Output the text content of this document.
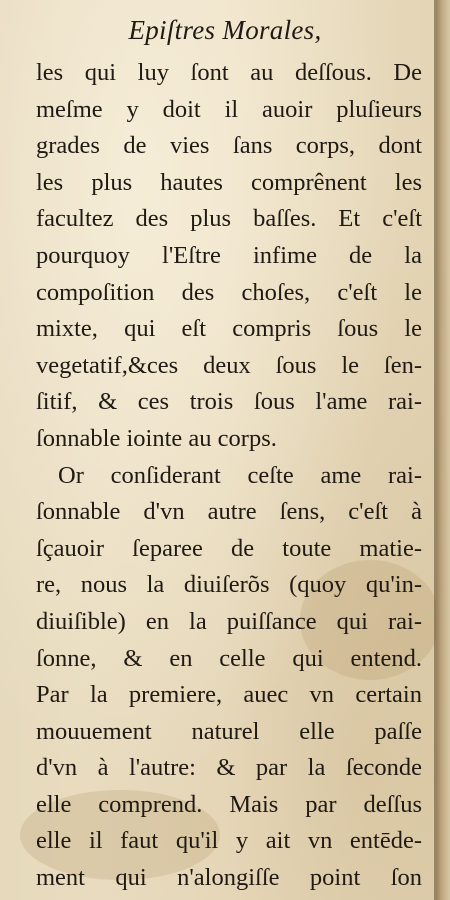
Epiſtres Morales,
les qui luy ſont au deſſous. De
meſme y doit il auoir pluſieurs
grades de vies ſans corps, dont
les plus hautes comprênent les
facultez des plus baſſes. Et c'eſt
pourquoy l'Eſtre infime de la
compoſition des choſes, c'eſt le
mixte, qui eſt compris ſous le
vegetatif,&ces deux ſous le ſen-
ſitif, & ces trois ſous l'ame rai-
ſonnable iointe au corps.
Or conſiderant ceſte ame rai-
ſonnable d'vn autre ſens, c'eſt à
ſçauoir ſeparee de toute matie-
re, nous la diuiſerõs (quoy qu'in-
diuiſible) en la puiſſance qui rai-
ſonne, & en celle qui entend.
Par la premiere, auec vn certain
mouuement naturel elle paſſe
d'vn à l'autre: & par la ſeconde
elle comprend. Mais par deſſus
elle il faut qu'il y ait vn entēde-
ment qui n'alongiſſe point ſon
